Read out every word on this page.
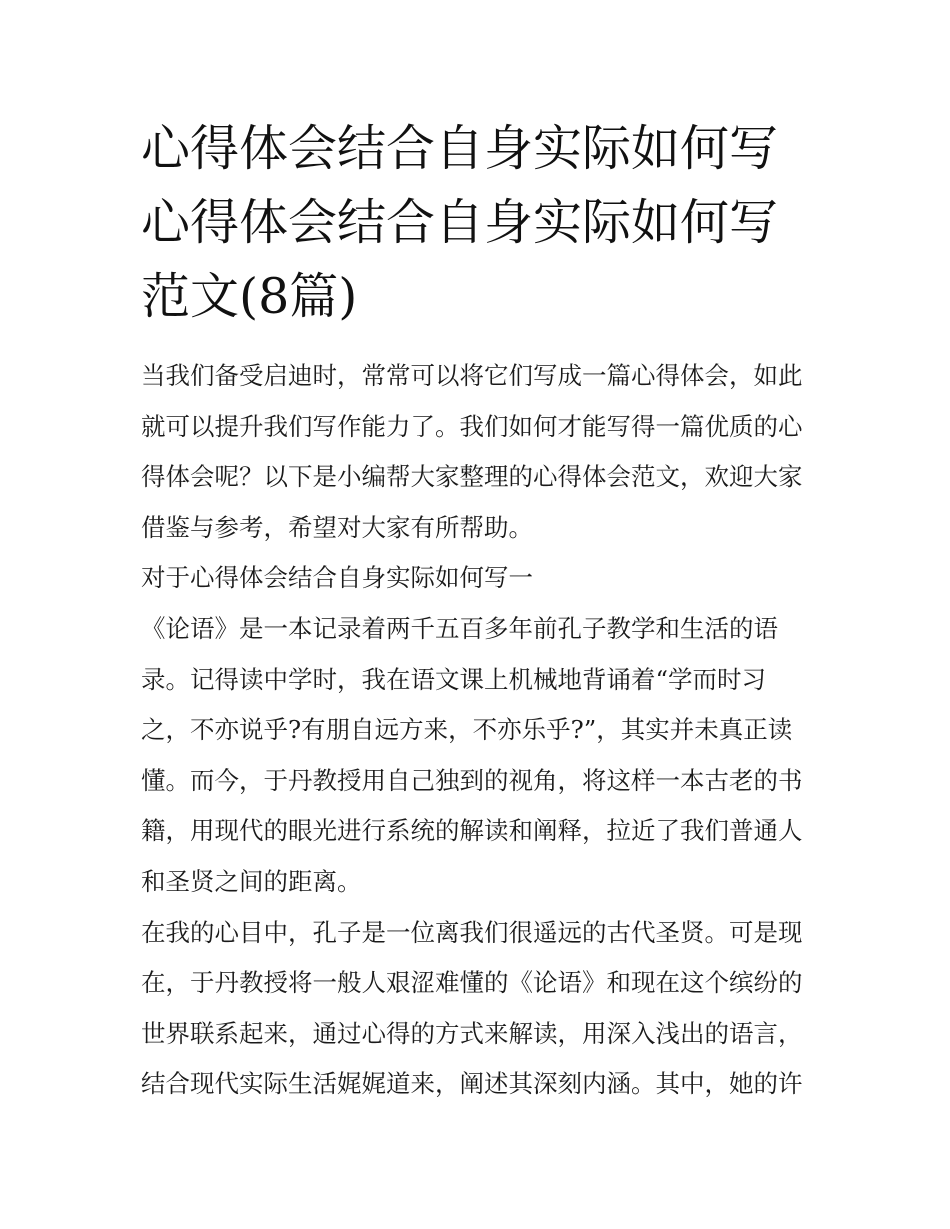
心得体会结合自身实际如何写
心得体会结合自身实际如何写
范文(8篇)

当我们备受启迪时，常常可以将它们写成一篇心得体会，如此
就可以提升我们写作能力了。我们如何才能写得一篇优质的心
得体会呢？以下是小编帮大家整理的心得体会范文，欢迎大家
借鉴与参考，希望对大家有所帮助。

对于心得体会结合自身实际如何写一

《论语》是一本记录着两千五百多年前孔子教学和生活的语
录。记得读中学时，我在语文课上机械地背诵着“学而时习
之，不亦说乎?有朋自远方来，不亦乐乎?”，其实并未真正读
懂。而今，于丹教授用自己独到的视角，将这样一本古老的书
籍，用现代的眼光进行系统的解读和阐释，拉近了我们普通人
和圣贤之间的距离。

在我的心目中，孔子是一位离我们很遥远的古代圣贤。可是现
在，于丹教授将一般人艰涩难懂的《论语》和现在这个缤纷的
世界联系起来，通过心得的方式来解读，用深入浅出的语言，
结合现代实际生活娓娓道来，阐述其深刻内涵。其中，她的许
